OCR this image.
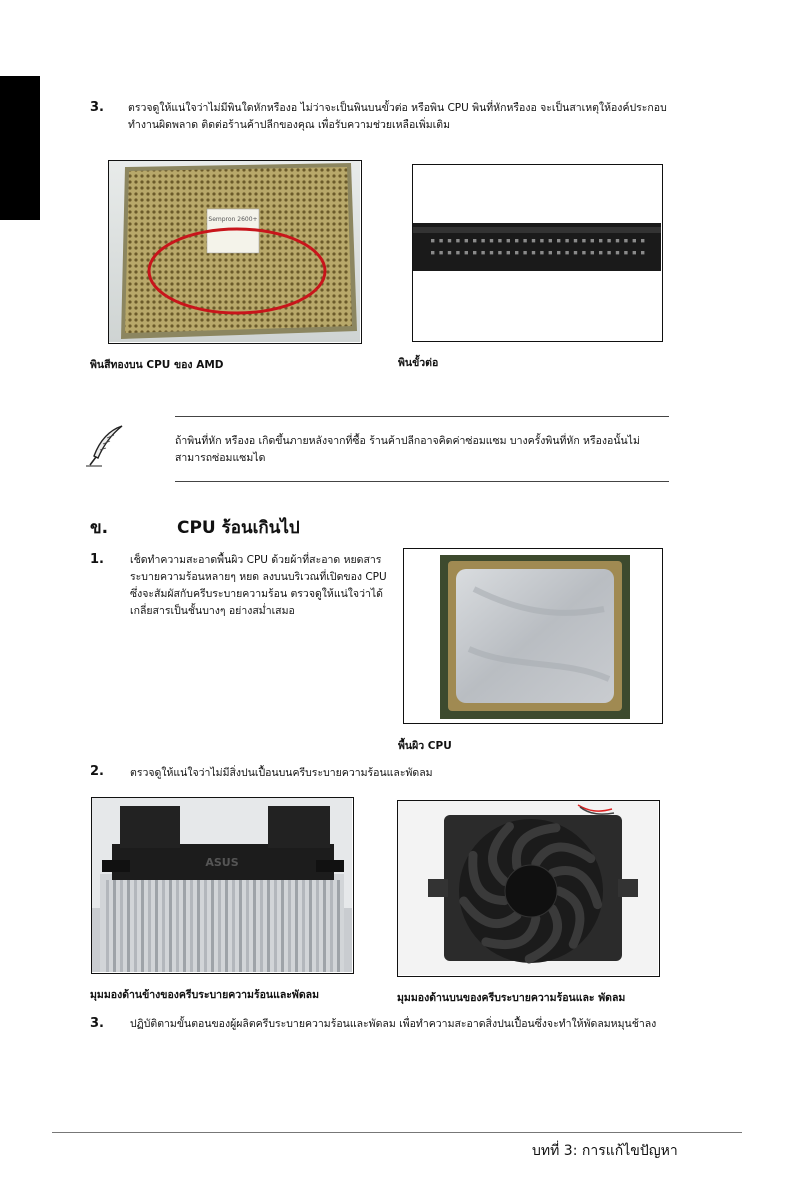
3. ตรวจดูให้แน่ใจว่าไม่มีพินใดหักหรืองอ ไม่ว่าจะเป็นพินบนขั้วต่อ หรือพิน CPU พินที่หักหรืองอ จะเป็นสาเหตุให้องค์ประกอบทำงานผิดพลาด ติดต่อร้านค้าปลีกของคุณ เพื่อรับความช่วยเหลือเพิ่มเติม
Sempron 2600+
พินสีทองบน CPU ของ AMD	พินขั้วต่อ
ถ้าพินที่หัก หรืองอ เกิดขึ้นภายหลังจากที่ซื้อ ร้านค้าปลีกอาจคิดค่าซ่อมแซม บางครั้งพินที่หัก หรืองอนั้นไม่สามารถซ่อมแซมได
ข.	CPU ร้อนเกินไป
1. เช็ดทำความสะอาดพื้นผิว CPU ด้วยผ้าที่สะอาด หยดสารระบายความร้อนหลายๆ หยด ลงบนบริเวณที่เปิดของ CPU ซึ่งจะสัมผัสกับครีบระบายความร้อน ตรวจดูให้แน่ใจว่าได้เกลี่ยสารเป็นชั้นบางๆ อย่างสม่ำเสมอ
พื้นผิว CPU
2. ตรวจดูให้แน่ใจว่าไม่มีสิ่งปนเปื้อนบนครีบระบายความร้อนและพัดลม
ASUS
มุมมองด้านข้างของครีบระบายความร้อนและพัดลม	มุมมองด้านบนของครีบระบายความร้อนและ พัดลม
3. ปฏิบัติตามขั้นตอนของผู้ผลิตครีบระบายความร้อนและพัดลม เพื่อทำความสะอาดสิ่งปนเปื้อนซึ่งจะทำให้พัดลมหมุนช้าลง
บทที่ 3: การแก้ไขปัญหา
